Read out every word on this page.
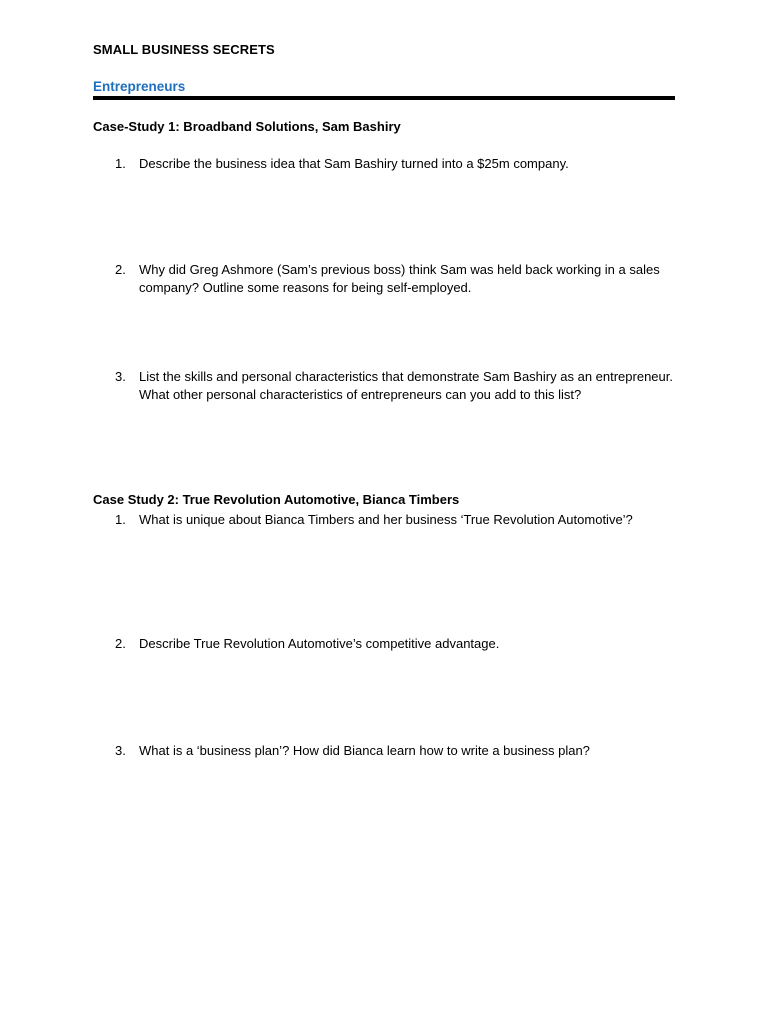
SMALL BUSINESS SECRETS
Entrepreneurs
Case-Study 1: Broadband Solutions, Sam Bashiry
1.	Describe the business idea that Sam Bashiry turned into a $25m company.
2.	Why did Greg Ashmore (Sam’s previous boss) think Sam was held back working in a sales company? Outline some reasons for being self-employed.
3.	List the skills and personal characteristics that demonstrate Sam Bashiry as an entrepreneur. What other personal characteristics of entrepreneurs can you add to this list?
Case Study 2: True Revolution Automotive, Bianca Timbers
1.	What is unique about Bianca Timbers and her business ‘True Revolution Automotive’?
2.	Describe True Revolution Automotive’s competitive advantage.
3.	What is a ‘business plan’? How did Bianca learn how to write a business plan?
